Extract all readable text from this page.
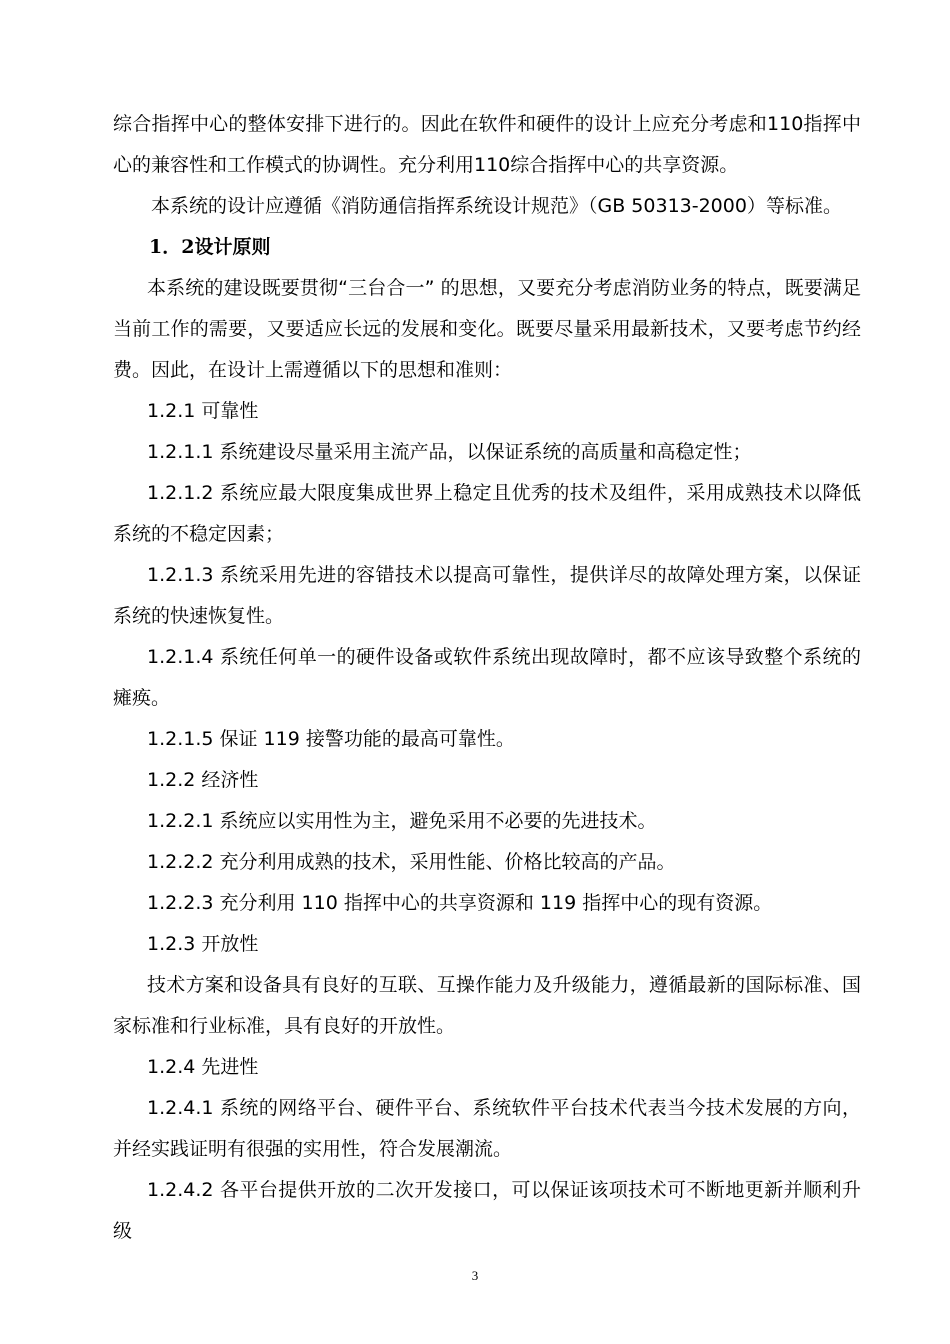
综合指挥中心的整体安排下进行的。因此在软件和硬件的设计上应充分考虑和110指挥中心的兼容性和工作模式的协调性。充分利用110综合指挥中心的共享资源。

本系统的设计应遵循《消防通信指挥系统设计规范》（GB 50313-2000）等标准。

1．2设计原则

本系统的建设既要贯彻“三台合一” 的思想，又要充分考虑消防业务的特点，既要满足当前工作的需要，又要适应长远的发展和变化。既要尽量采用最新技术，又要考虑节约经费。因此，在设计上需遵循以下的思想和准则：

1.2.1 可靠性

1.2.1.1 系统建设尽量采用主流产品，以保证系统的高质量和高稳定性；

1.2.1.2 系统应最大限度集成世界上稳定且优秀的技术及组件，采用成熟技术以降低系统的不稳定因素；

1.2.1.3 系统采用先进的容错技术以提高可靠性，提供详尽的故障处理方案，以保证系统的快速恢复性。

1.2.1.4 系统任何单一的硬件设备或软件系统出现故障时，都不应该导致整个系统的瘫痪。

1.2.1.5 保证 119 接警功能的最高可靠性。

1.2.2 经济性

1.2.2.1 系统应以实用性为主，避免采用不必要的先进技术。

1.2.2.2 充分利用成熟的技术，采用性能、价格比较高的产品。

1.2.2.3 充分利用 110 指挥中心的共享资源和 119 指挥中心的现有资源。

1.2.3 开放性

技术方案和设备具有良好的互联、互操作能力及升级能力，遵循最新的国际标准、国家标准和行业标准，具有良好的开放性。

1.2.4 先进性

1.2.4.1 系统的网络平台、硬件平台、系统软件平台技术代表当今技术发展的方向，并经实践证明有很强的实用性，符合发展潮流。

1.2.4.2 各平台提供开放的二次开发接口，可以保证该项技术可不断地更新并顺利升级

3
